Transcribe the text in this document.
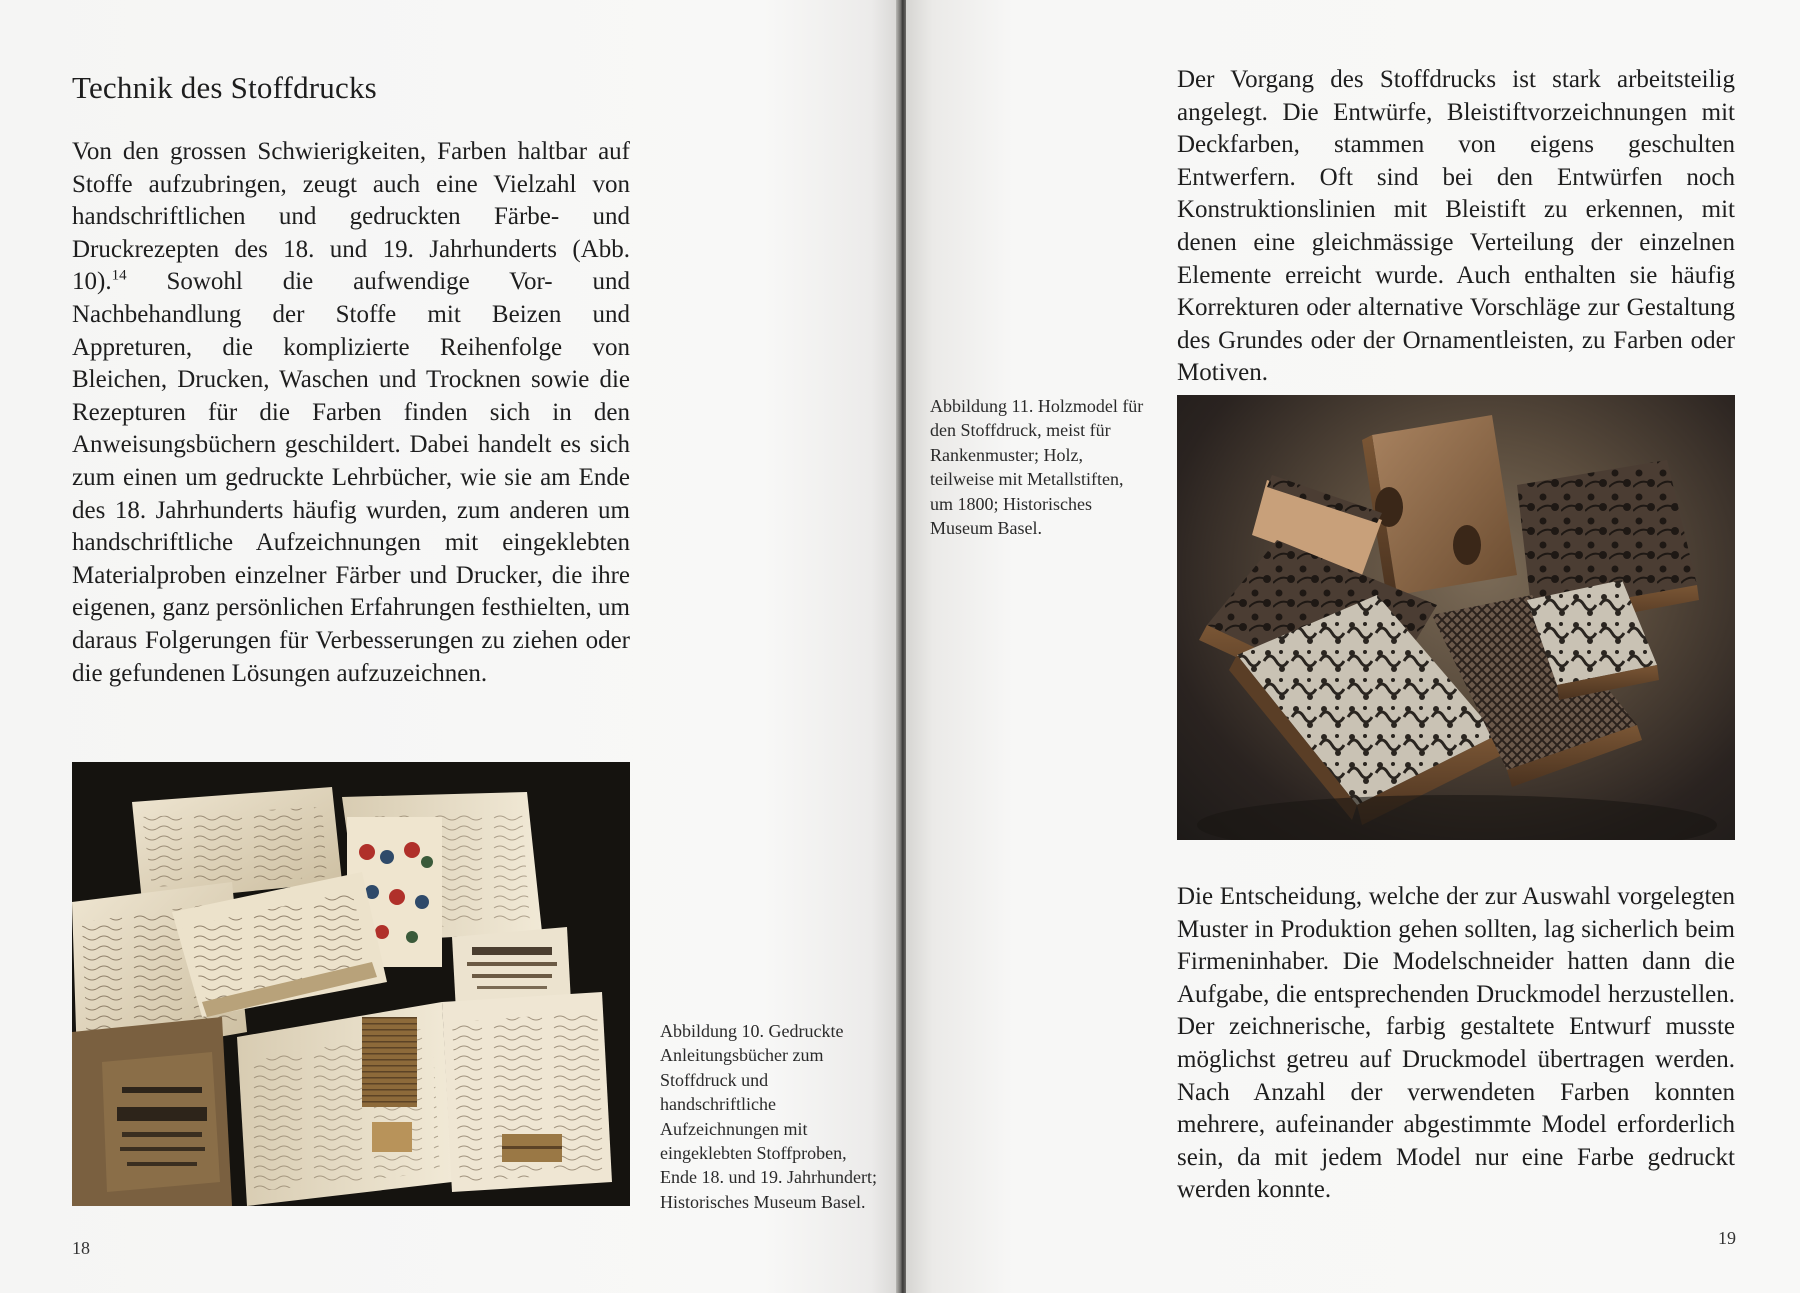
Technik des Stoffdrucks
Von den grossen Schwierigkeiten, Farben haltbar auf Stoffe aufzubringen, zeugt auch eine Vielzahl von handschriftlichen und gedruckten Färbe- und Druckrezepten des 18. und 19. Jahrhunderts (Abb. 10).$^{14}$ Sowohl die aufwendige Vor- und Nachbehandlung der Stoffe mit Beizen und Appreturen, die komplizierte Reihenfolge von Bleichen, Drucken, Waschen und Trocknen sowie die Rezepturen für die Farben finden sich in den Anweisungsbüchern geschildert. Dabei handelt es sich zum einen um gedruckte Lehrbücher, wie sie am Ende des 18. Jahrhunderts häufig wurden, zum anderen um handschriftliche Aufzeichnungen mit eingeklebten Materialproben einzelner Färber und Drucker, die ihre eigenen, ganz persönlichen Erfahrungen festhielten, um daraus Folgerungen für Verbesserungen zu ziehen oder die gefundenen Lösungen aufzuzeichnen.
Abbildung 10. Gedruckte Anleitungsbücher zum Stoffdruck und handschriftliche Aufzeichnungen mit eingeklebten Stoffproben, Ende 18. und 19. Jahrhundert; Historisches Museum Basel.
18
Der Vorgang des Stoffdrucks ist stark arbeitsteilig angelegt. Die Entwürfe, Bleistiftvorzeichnungen mit Deckfarben, stammen von eigens geschulten Entwerfern. Oft sind bei den Entwürfen noch Konstruktionslinien mit Bleistift zu erkennen, mit denen eine gleichmässige Verteilung der einzelnen Elemente erreicht wurde. Auch enthalten sie häufig Korrekturen oder alternative Vorschläge zur Gestaltung des Grundes oder der Ornamentleisten, zu Farben oder Motiven.
Abbildung 11. Holzmodel für den Stoffdruck, meist für Rankenmuster; Holz, teilweise mit Metallstiften, um 1800; Historisches Museum Basel.
Die Entscheidung, welche der zur Auswahl vorgelegten Muster in Produktion gehen sollten, lag sicherlich beim Firmeninhaber. Die Modelschneider hatten dann die Aufgabe, die entsprechenden Druckmodel herzustellen. Der zeichnerische, farbig gestaltete Entwurf musste möglichst getreu auf Druckmodel übertragen werden. Nach Anzahl der verwendeten Farben konnten mehrere, aufeinander abgestimmte Model erforderlich sein, da mit jedem Model nur eine Farbe gedruckt werden konnte.
19
